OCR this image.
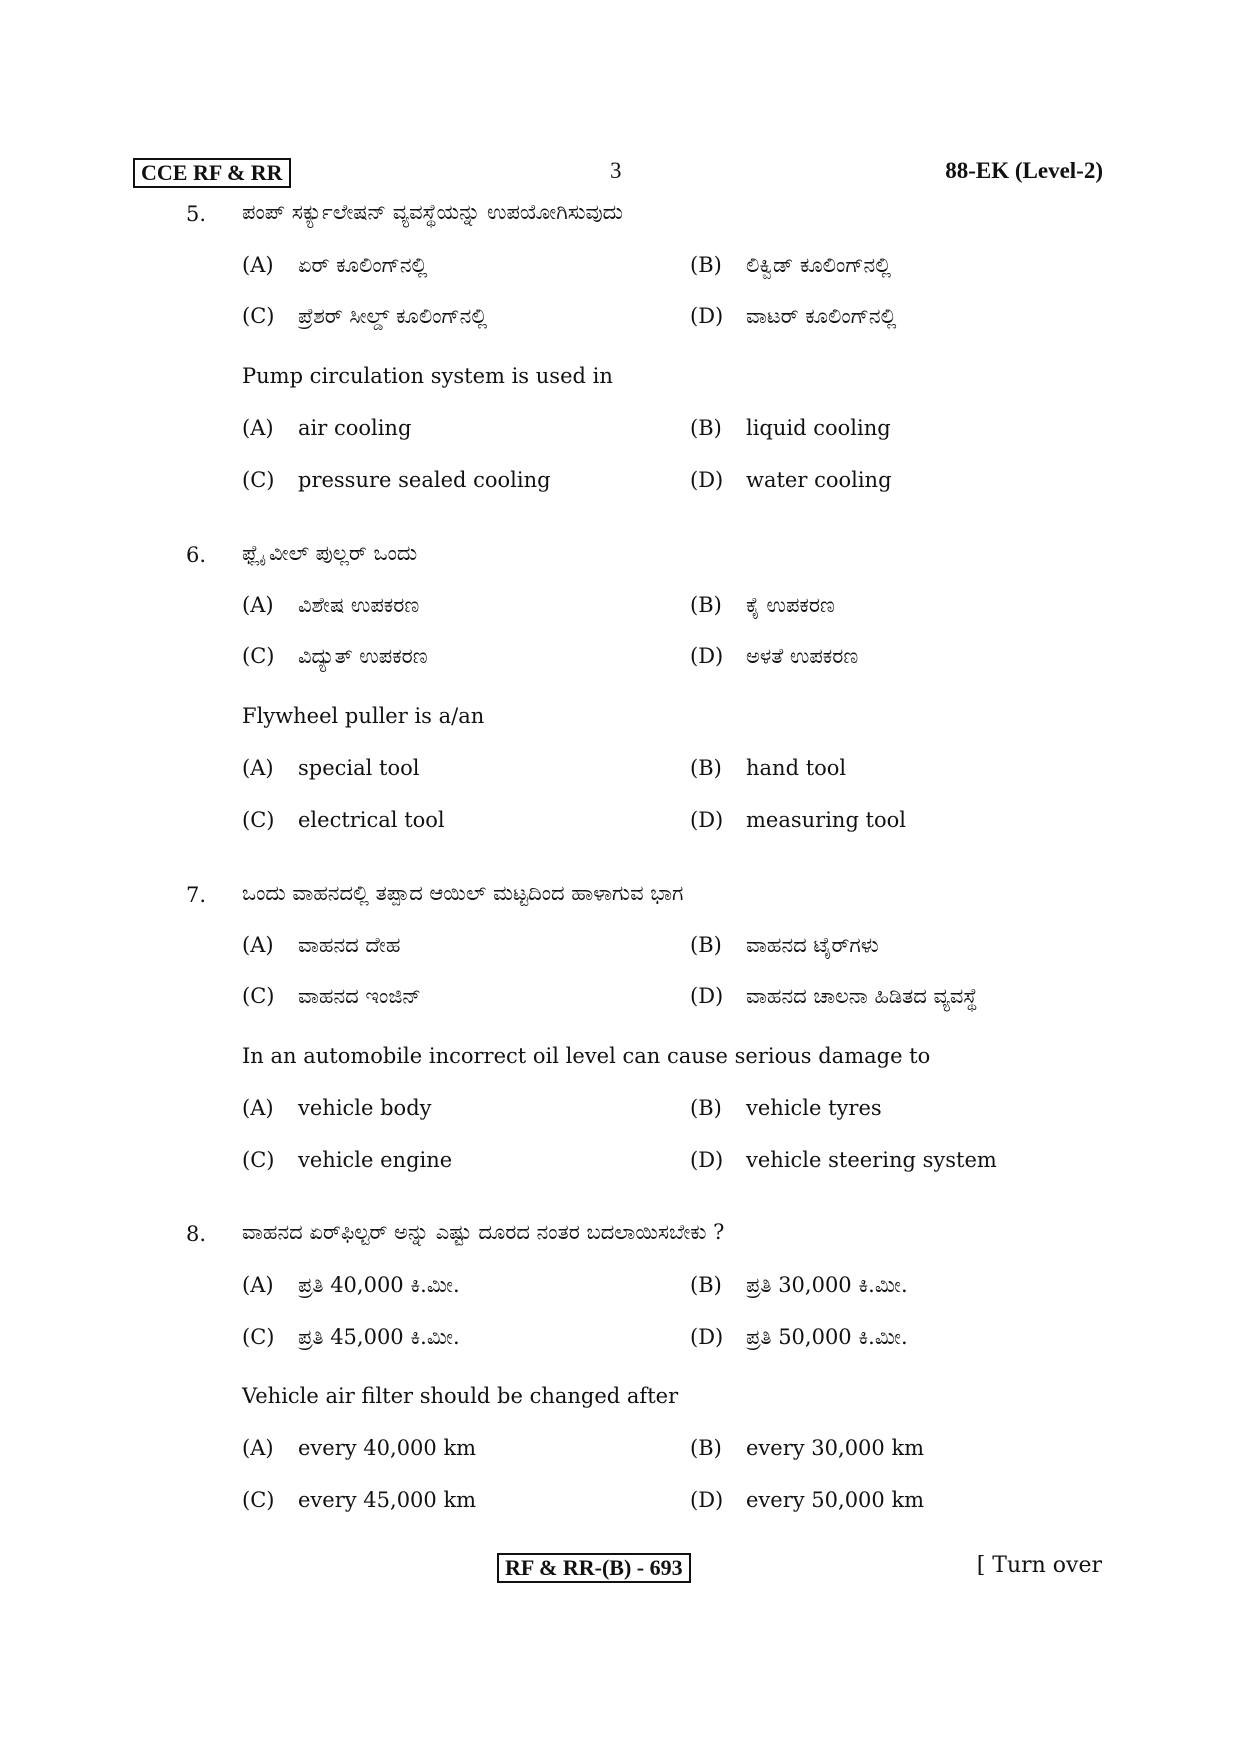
CCE RF & RR	3	88-EK (Level-2)
5. ಪಂಪ್ ಸರ್ಕ್ಯುಲೇಷನ್ ವ್ಯವಸ್ಥೆಯನ್ನು ಉಪಯೋಗಿಸುವುದು
(A) ಏರ್ ಕೂಲಿಂಗ್‌ನಲ್ಲಿ	(B) ಲಿಕ್ವಿಡ್ ಕೂಲಿಂಗ್‌ನಲ್ಲಿ
(C) ಪ್ರೆಶರ್ ಸೀಲ್ಡ್ ಕೂಲಿಂಗ್‌ನಲ್ಲಿ	(D) ವಾಟರ್ ಕೂಲಿಂಗ್‌ನಲ್ಲಿ
Pump circulation system is used in
(A) air cooling	(B) liquid cooling
(C) pressure sealed cooling	(D) water cooling
6. ಫ್ಲೈ ವೀಲ್ ಪುಲ್ಲರ್ ಒಂದು
(A) ವಿಶೇಷ ಉಪಕರಣ	(B) ಕೈ ಉಪಕರಣ
(C) ವಿದ್ಯುತ್ ಉಪಕರಣ	(D) ಅಳತೆ ಉಪಕರಣ
Flywheel puller is a/an
(A) special tool	(B) hand tool
(C) electrical tool	(D) measuring tool
7. ಒಂದು ವಾಹನದಲ್ಲಿ ತಪ್ಪಾದ ಆಯಿಲ್ ಮಟ್ಟದಿಂದ ಹಾಳಾಗುವ ಭಾಗ
(A) ವಾಹನದ ದೇಹ	(B) ವಾಹನದ ಟೈರ್‌ಗಳು
(C) ವಾಹನದ ಇಂಜಿನ್	(D) ವಾಹನದ ಚಾಲನಾ ಹಿಡಿತದ ವ್ಯವಸ್ಥೆ
In an automobile incorrect oil level can cause serious damage to
(A) vehicle body	(B) vehicle tyres
(C) vehicle engine	(D) vehicle steering system
8. ವಾಹನದ ಏರ್‌ಫಿಲ್ಟರ್ ಅನ್ನು ಎಷ್ಟು ದೂರದ ನಂತರ ಬದಲಾಯಿಸಬೇಕು ?
(A) ಪ್ರತಿ 40,000 ಕಿ.ಮೀ.	(B) ಪ್ರತಿ 30,000 ಕಿ.ಮೀ.
(C) ಪ್ರತಿ 45,000 ಕಿ.ಮೀ.	(D) ಪ್ರತಿ 50,000 ಕಿ.ಮೀ.
Vehicle air filter should be changed after
(A) every 40,000 km	(B) every 30,000 km
(C) every 45,000 km	(D) every 50,000 km
RF & RR-(B) - 693	[ Turn over
